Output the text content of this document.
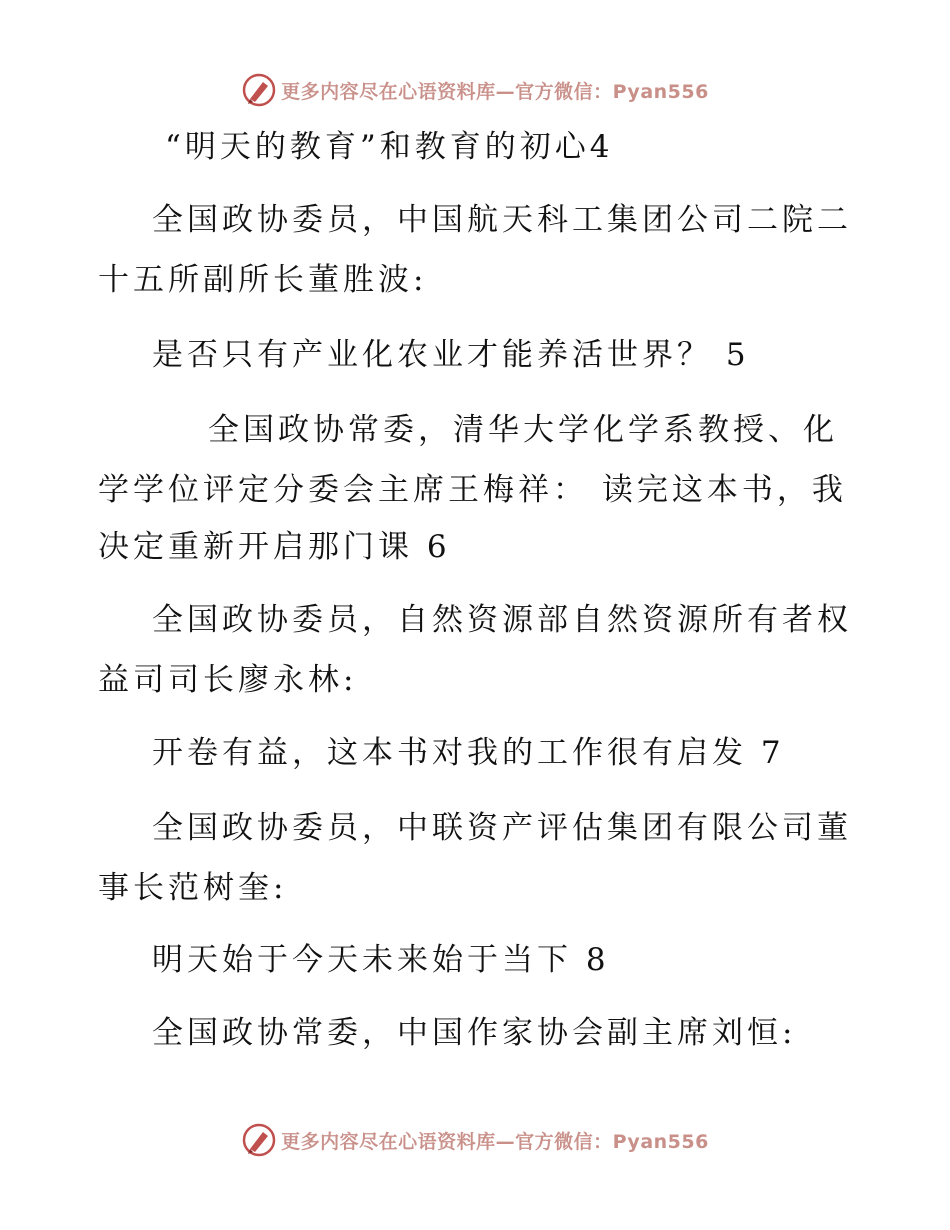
更多内容尽在心语资料库—官方微信：Pyan556
“明天的教育”和教育的初心4
全国政协委员，中国航天科工集团公司二院二
十五所副所长董胜波:
是否只有产业化农业才能养活世界？ 5
全国政协常委，清华大学化学系教授、化
学学位评定分委会主席王梅祥： 读完这本书，我
决定重新开启那门课 6
全国政协委员，自然资源部自然资源所有者权
益司司长廖永林:
开卷有益，这本书对我的工作很有启发 7
全国政协委员，中联资产评估集团有限公司董
事长范树奎:
明天始于今天未来始于当下 8
全国政协常委，中国作家协会副主席刘恒:
更多内容尽在心语资料库—官方微信：Pyan556
